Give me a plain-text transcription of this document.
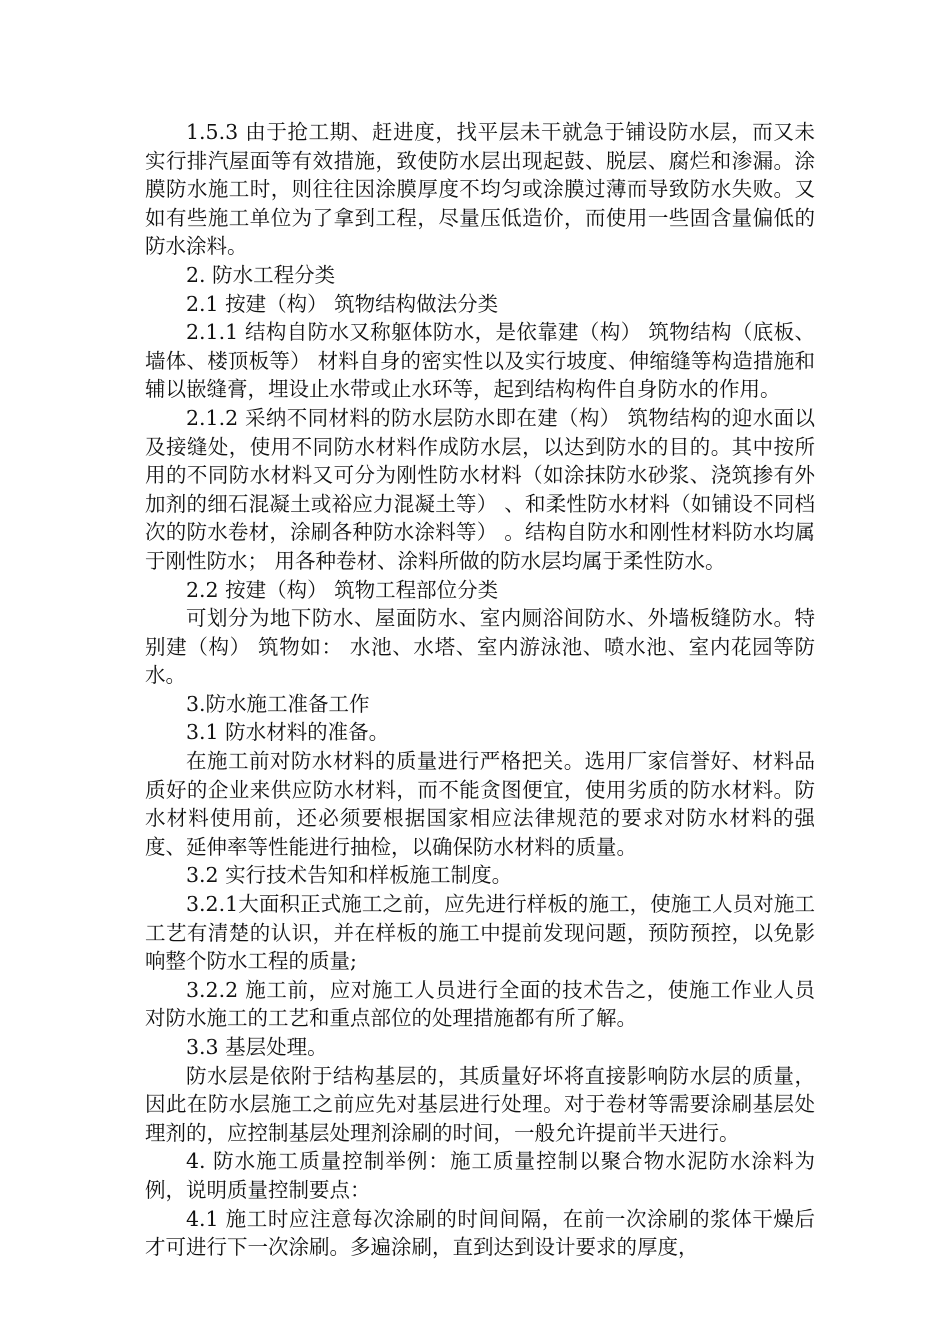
1.5.3 由于抢工期、赶进度，找平层未干就急于铺设防水层，而又未实行排汽屋面等有效措施，致使防水层出现起鼓、脱层、腐烂和渗漏。涂膜防水施工时，则往往因涂膜厚度不均匀或涂膜过薄而导致防水失败。又如有些施工单位为了拿到工程，尽量压低造价，而使用一些固含量偏低的防水涂料。

2. 防水工程分类

2.1 按建（构） 筑物结构做法分类

2.1.1 结构自防水又称躯体防水，是依靠建（构） 筑物结构（底板、墙体、楼顶板等） 材料自身的密实性以及实行坡度、伸缩缝等构造措施和辅以嵌缝膏，埋设止水带或止水环等，起到结构构件自身防水的作用。

2.1.2 采纳不同材料的防水层防水即在建（构） 筑物结构的迎水面以及接缝处，使用不同防水材料作成防水层，以达到防水的目的。其中按所用的不同防水材料又可分为刚性防水材料（如涂抹防水砂浆、浇筑掺有外加剂的细石混凝土或裕应力混凝土等） 、和柔性防水材料（如铺设不同档次的防水卷材，涂刷各种防水涂料等） 。结构自防水和刚性材料防水均属于刚性防水； 用各种卷材、涂料所做的防水层均属于柔性防水。

2.2 按建（构） 筑物工程部位分类

可划分为地下防水、屋面防水、室内厕浴间防水、外墙板缝防水。特别建（构） 筑物如： 水池、水塔、室内游泳池、喷水池、室内花园等防水。

3.防水施工准备工作

3.1 防水材料的准备。

在施工前对防水材料的质量进行严格把关。选用厂家信誉好、材料品质好的企业来供应防水材料，而不能贪图便宜，使用劣质的防水材料。防水材料使用前，还必须要根据国家相应法律规范的要求对防水材料的强度、延伸率等性能进行抽检，以确保防水材料的质量。

3.2 实行技术告知和样板施工制度。

3.2.1大面积正式施工之前，应先进行样板的施工，使施工人员对施工工艺有清楚的认识，并在样板的施工中提前发现问题，预防预控，以免影响整个防水工程的质量;

3.2.2 施工前，应对施工人员进行全面的技术告之，使施工作业人员对防水施工的工艺和重点部位的处理措施都有所了解。

3.3 基层处理。

防水层是依附于结构基层的，其质量好坏将直接影响防水层的质量，因此在防水层施工之前应先对基层进行处理。对于卷材等需要涂刷基层处理剂的，应控制基层处理剂涂刷的时间，一般允许提前半天进行。

4. 防水施工质量控制举例：施工质量控制以聚合物水泥防水涂料为例，说明质量控制要点：

4.1 施工时应注意每次涂刷的时间间隔，在前一次涂刷的浆体干燥后才可进行下一次涂刷。多遍涂刷，直到达到设计要求的厚度，
